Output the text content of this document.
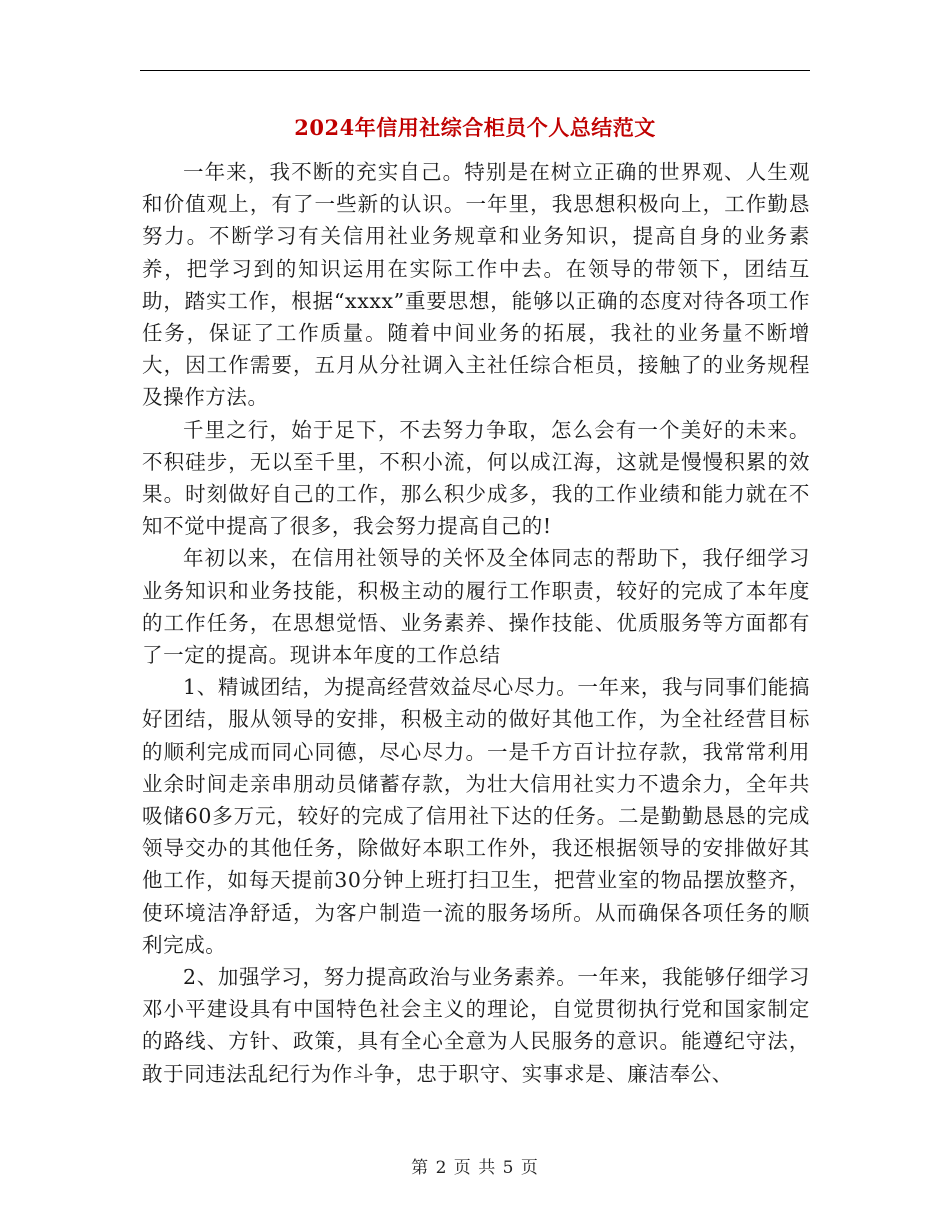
2024年信用社综合柜员个人总结范文

一年来，我不断的充实自己。特别是在树立正确的世界观、人生观和价值观上，有了一些新的认识。一年里，我思想积极向上，工作勤恳努力。不断学习有关信用社业务规章和业务知识，提高自身的业务素养，把学习到的知识运用在实际工作中去。在领导的带领下，团结互助，踏实工作，根据“xxxx”重要思想，能够以正确的态度对待各项工作任务，保证了工作质量。随着中间业务的拓展，我社的业务量不断增大，因工作需要，五月从分社调入主社任综合柜员，接触了的业务规程及操作方法。

千里之行，始于足下，不去努力争取，怎么会有一个美好的未来。不积硅步，无以至千里，不积小流，何以成江海，这就是慢慢积累的效果。时刻做好自己的工作，那么积少成多，我的工作业绩和能力就在不知不觉中提高了很多，我会努力提高自己的!

年初以来，在信用社领导的关怀及全体同志的帮助下，我仔细学习业务知识和业务技能，积极主动的履行工作职责，较好的完成了本年度的工作任务，在思想觉悟、业务素养、操作技能、优质服务等方面都有了一定的提高。现讲本年度的工作总结

1、精诚团结，为提高经营效益尽心尽力。一年来，我与同事们能搞好团结，服从领导的安排，积极主动的做好其他工作，为全社经营目标的顺利完成而同心同德，尽心尽力。一是千方百计拉存款，我常常利用业余时间走亲串朋动员储蓄存款，为壮大信用社实力不遗余力，全年共吸储60多万元，较好的完成了信用社下达的任务。二是勤勤恳恳的完成领导交办的其他任务，除做好本职工作外，我还根据领导的安排做好其他工作，如每天提前30分钟上班打扫卫生，把营业室的物品摆放整齐，使环境洁净舒适，为客户制造一流的服务场所。从而确保各项任务的顺利完成。

2、加强学习，努力提高政治与业务素养。一年来，我能够仔细学习邓小平建设具有中国特色社会主义的理论，自觉贯彻执行党和国家制定的路线、方针、政策，具有全心全意为人民服务的意识。能遵纪守法，敢于同违法乱纪行为作斗争，忠于职守、实事求是、廉洁奉公、

第 2 页 共 5 页
